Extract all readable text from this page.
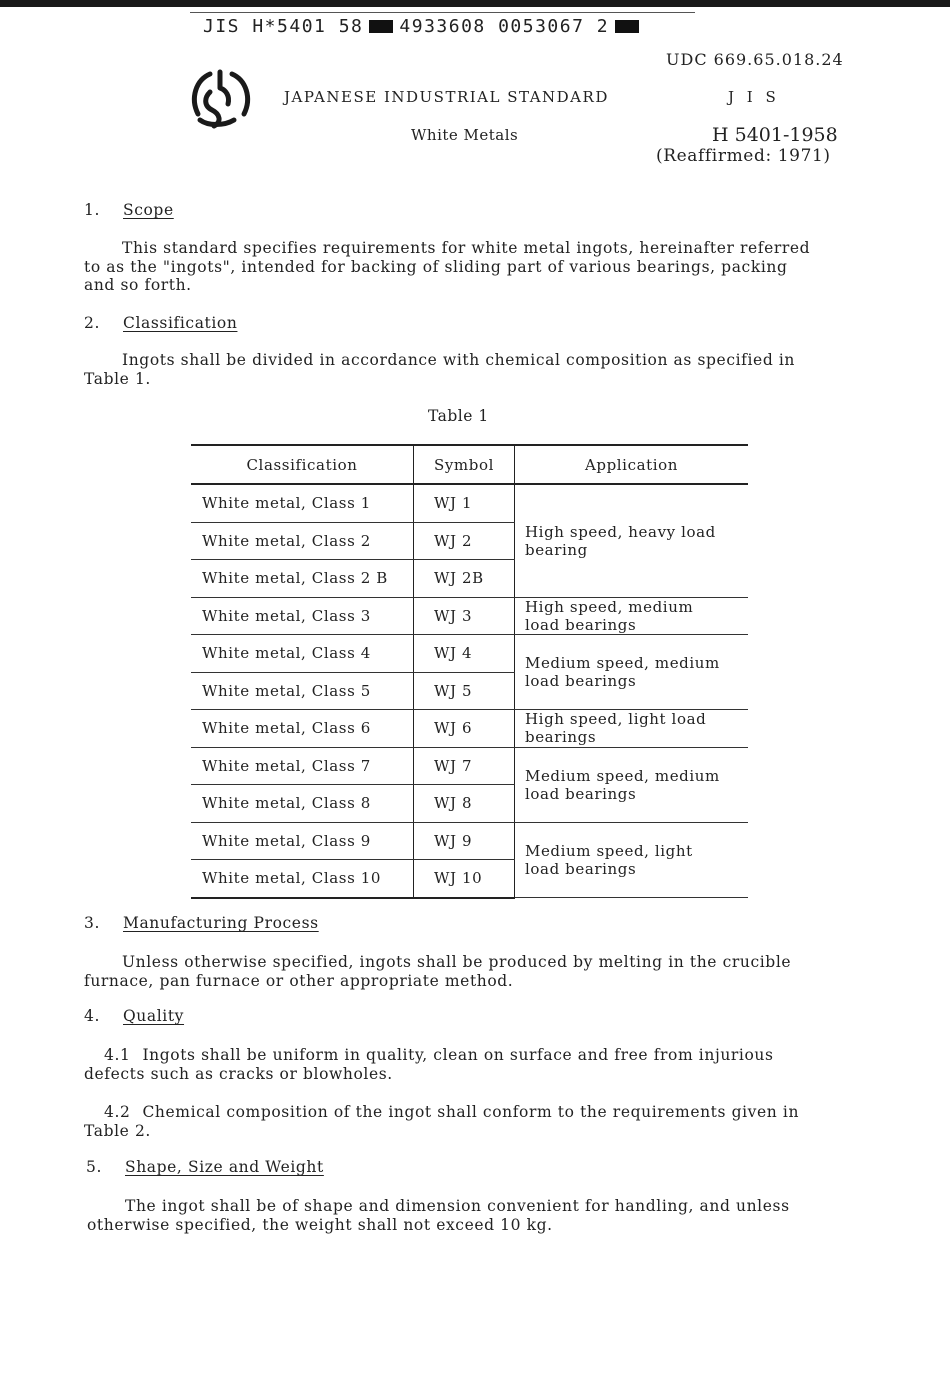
JIS H*5401 58 4933608 0053067 2
UDC 669.65.018.24
JAPANESE INDUSTRIAL STANDARD	J I S
White Metals	H 5401-1958
(Reaffirmed: 1971)
1. Scope
This standard specifies requirements for white metal ingots, hereinafter referred
to as the "ingots", intended for backing of sliding part of various bearings, packing
and so forth.
2. Classification
Ingots shall be divided in accordance with chemical composition as specified in
Table 1.
Table 1
Classification	Symbol	Application
White metal, Class 1	WJ 1	High speed, heavy load
bearing

White metal, Class 2	WJ 2	
White metal, Class 2 B	WJ 2B	
White metal, Class 3	WJ 3	High speed, medium
load bearings

White metal, Class 4	WJ 4	Medium speed, medium
load bearings

White metal, Class 5	WJ 5	
White metal, Class 6	WJ 6	High speed, light load
bearings

White metal, Class 7	WJ 7	Medium speed, medium
load bearings

White metal, Class 8	WJ 8	
White metal, Class 9	WJ 9	Medium speed, light
load bearings

White metal, Class 10	WJ 10	
3. Manufacturing Process
Unless otherwise specified, ingots shall be produced by melting in the crucible
furnace, pan furnace or other appropriate method.
4. Quality
4.1 Ingots shall be uniform in quality, clean on surface and free from injurious
defects such as cracks or blowholes.
4.2 Chemical composition of the ingot shall conform to the requirements given in
Table 2.
5. Shape, Size and Weight
The ingot shall be of shape and dimension convenient for handling, and unless
otherwise specified, the weight shall not exceed 10 kg.
